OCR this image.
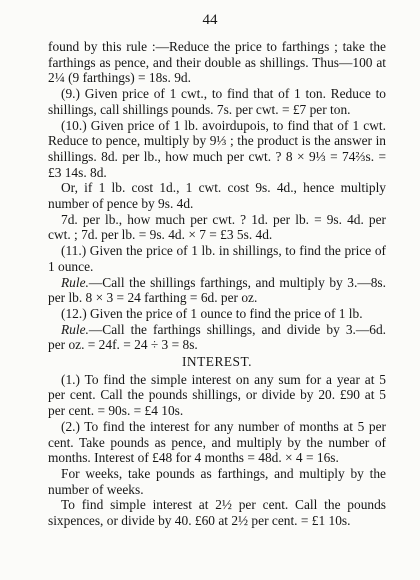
44

found by this rule :—Reduce the price to farthings ; take the farthings as pence, and their double as shillings. Thus—100 at 2¼ (9 farthings) = 18s. 9d.

(9.) Given price of 1 cwt., to find that of 1 ton. Reduce to shillings, call shillings pounds. 7s. per cwt. = £7 per ton.

(10.) Given price of 1 lb. avoirdupois, to find that of 1 cwt. Reduce to pence, multiply by 9⅓ ; the product is the answer in shillings. 8d. per lb., how much per cwt. ? 8 × 9⅓ = 74⅔s. = £3 14s. 8d.

Or, if 1 lb. cost 1d., 1 cwt. cost 9s. 4d., hence multiply number of pence by 9s. 4d.

7d. per lb., how much per cwt. ? 1d. per lb. = 9s. 4d. per cwt. ; 7d. per lb. = 9s. 4d. × 7 = £3 5s. 4d.

(11.) Given the price of 1 lb. in shillings, to find the price of 1 ounce.

Rule.—Call the shillings farthings, and multiply by 3.—8s. per lb. 8 × 3 = 24 farthing = 6d. per oz.

(12.) Given the price of 1 ounce to find the price of 1 lb.

Rule.—Call the farthings shillings, and divide by 3.—6d. per oz. = 24f. = 24 ÷ 3 = 8s.

INTEREST.

(1.) To find the simple interest on any sum for a year at 5 per cent. Call the pounds shillings, or divide by 20. £90 at 5 per cent. = 90s. = £4 10s.

(2.) To find the interest for any number of months at 5 per cent. Take pounds as pence, and multiply by the number of months. Interest of £48 for 4 months = 48d. × 4 = 16s.

For weeks, take pounds as farthings, and multiply by the number of weeks.

To find simple interest at 2½ per cent. Call the pounds sixpences, or divide by 40. £60 at 2½ per cent. = £1 10s.
